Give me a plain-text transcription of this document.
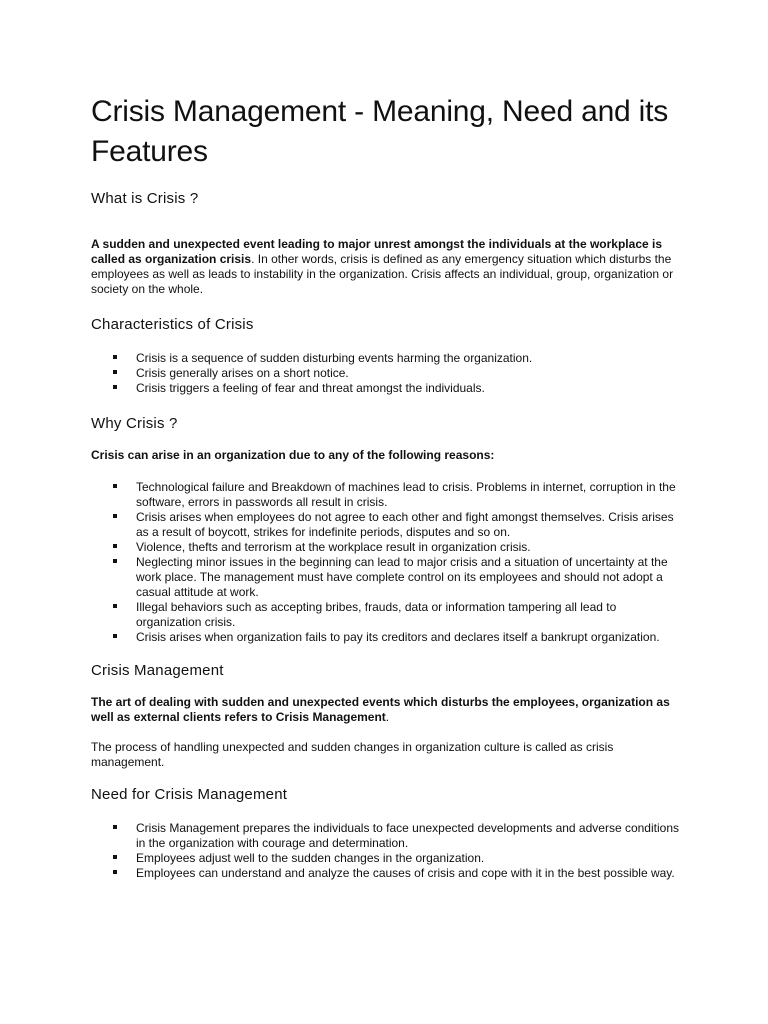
Crisis Management - Meaning, Need and its Features
What is Crisis ?

A sudden and unexpected event leading to major unrest amongst the individuals at the workplace is called as organization crisis. In other words, crisis is defined as any emergency situation which disturbs the employees as well as leads to instability in the organization. Crisis affects an individual, group, organization or society on the whole.

Characteristics of Crisis
Crisis is a sequence of sudden disturbing events harming the organization.
Crisis generally arises on a short notice.
Crisis triggers a feeling of fear and threat amongst the individuals.
Why Crisis ?

Crisis can arise in an organization due to any of the following reasons:

Technological failure and Breakdown of machines lead to crisis. Problems in internet, corruption in the software, errors in passwords all result in crisis.
Crisis arises when employees do not agree to each other and fight amongst themselves. Crisis arises as a result of boycott, strikes for indefinite periods, disputes and so on.
Violence, thefts and terrorism at the workplace result in organization crisis.
Neglecting minor issues in the beginning can lead to major crisis and a situation of uncertainty at the work place. The management must have complete control on its employees and should not adopt a casual attitude at work.
Illegal behaviors such as accepting bribes, frauds, data or information tampering all lead to organization crisis.
Crisis arises when organization fails to pay its creditors and declares itself a bankrupt organization.
Crisis Management

The art of dealing with sudden and unexpected events which disturbs the employees, organization as well as external clients refers to Crisis Management.

The process of handling unexpected and sudden changes in organization culture is called as crisis management.

Need for Crisis Management
Crisis Management prepares the individuals to face unexpected developments and adverse conditions in the organization with courage and determination.
Employees adjust well to the sudden changes in the organization.
Employees can understand and analyze the causes of crisis and cope with it in the best possible way.
